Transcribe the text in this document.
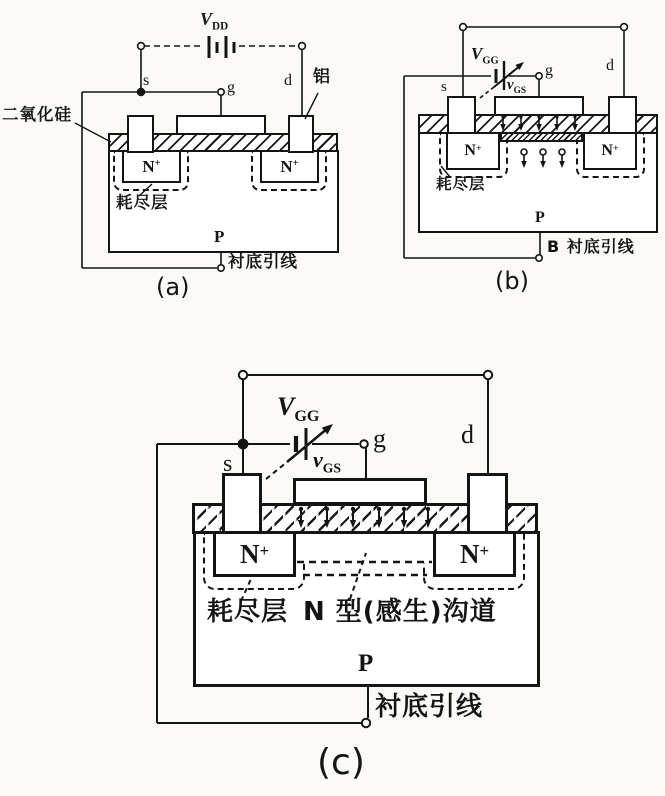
N +	N +
N +	N +
N +	N +
$V_{DD}$
s	g	d 铝
二氧化硅
耗尽层
P
衬底引线
(a)
$V_{GG}$
$v_{GS}$
s
g	d
耗尽层
P
B 衬底引线
(b)
$V_{GG}$
$v_{GS}$
s
g	d
耗尽层 N 型(感生)沟道
P
衬底引线
(c)
